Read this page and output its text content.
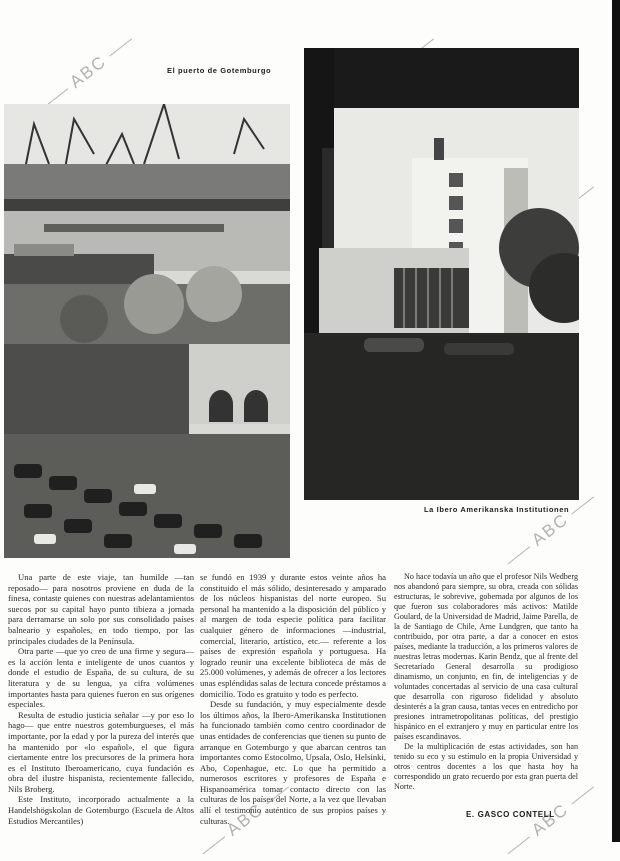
ABC
ABC
ABC	ABC
El puerto de Gotemburgo
La Ibero Amerikanska Institutionen

Una parte de este viaje, tan humilde —tan reposado— para nosotros proviene en duda de la finesa, contaste quienes con nuestras adelantamientos suecos por su capital hayo punto tibieza a jornada para derramarse un solo por sus consolidado países balneario y españoles, en todo tiempo, por las principales ciudades de la Península.

Otra parte —que yo creo de una firme y segura— es la acción lenta e inteligente de unos cuantos y donde el estudio de España, de su cultura, de su literatura y de su lengua, ya cifra volúmenes importantes hasta para quienes fueron en sus orígenes especiales.

Resulta de estudio justicia señalar —y por eso lo hago— que entre nuestros gotemburgueses, el más importante, por la edad y por la pureza del interés que ha mantenido por «lo español», el que figura ciertamente entre los precursores de la primera hora es el Instituto Iberoamericano, cuya fundación es obra del ilustre hispanista, recientemente fallecido, Nils Broberg.

Este Instituto, incorporado actualmente a la Handelshögskolan de Gotemburgo (Escuela de Altos Estudios Mercantiles)

se fundó en 1939 y durante estos veinte años ha constituido el más sólido, desinteresado y amparado de los núcleos hispanistas del norte europeo. Su personal ha mantenido a la disposición del público y al margen de toda especie política para facilitar cualquier género de informaciones —industrial, comercial, literario, artístico, etc.— referente a los países de expresión española y portuguesa. Ha logrado reunir una excelente biblioteca de más de 25.000 volúmenes, y además de ofrecer a los lectores unas espléndidas salas de lectura concede préstamos a domicilio. Todo es gratuito y todo es perfecto.

Desde su fundación, y muy especialmente desde los últimos años, la Ibero-Amerikanska Institutionen ha funcionado también como centro coordinador de unas entidades de conferencias que tienen su punto de arranque en Gotemburgo y que abarcan centros tan importantes como Estocolmo, Upsala, Oslo, Helsinki, Abo, Copenhague, etc. Lo que ha permitido a numerosos escritores y profesores de España e Hispanoamérica tomar contacto directo con las culturas de los países del Norte, a la vez que llevaban allí el testimonio auténtico de sus propios países y culturas.

No hace todavía un año que el profesor Nils Wedberg nos abandonó para siempre, su obra, creada con sólidas estructuras, le sobrevive, gobernada por algunos de los que fueron sus colaboradores más activos: Matilde Goulard, de la Universidad de Madrid, Jaime Parella, de la de Santiago de Chile, Arne Lundgren, que tanto ha contribuido, por otra parte, a dar a conocer en estos países, mediante la traducción, a los primeros valores de nuestras letras modernas. Karin Bendz, que al frente del Secretariado General desarrolla su prodigioso dinamismo, un conjunto, en fin, de inteligencias y de voluntades concertadas al servicio de una casa cultural que desarrolla con riguroso fidelidad y absoluto desinterés a la gran causa, tantas veces en entredicho por presiones intrametropolitanas políticas, del prestigio hispánico en el extranjero y muy en particular entre los países escandinavos.

De la multiplicación de estas actividades, son han tenido su eco y su estímulo en la propia Universidad y otros centros docentes a los que hasta hoy ha correspondido un grato recuerdo por esta gran puerta del Norte.

E. GASCO CONTELL
